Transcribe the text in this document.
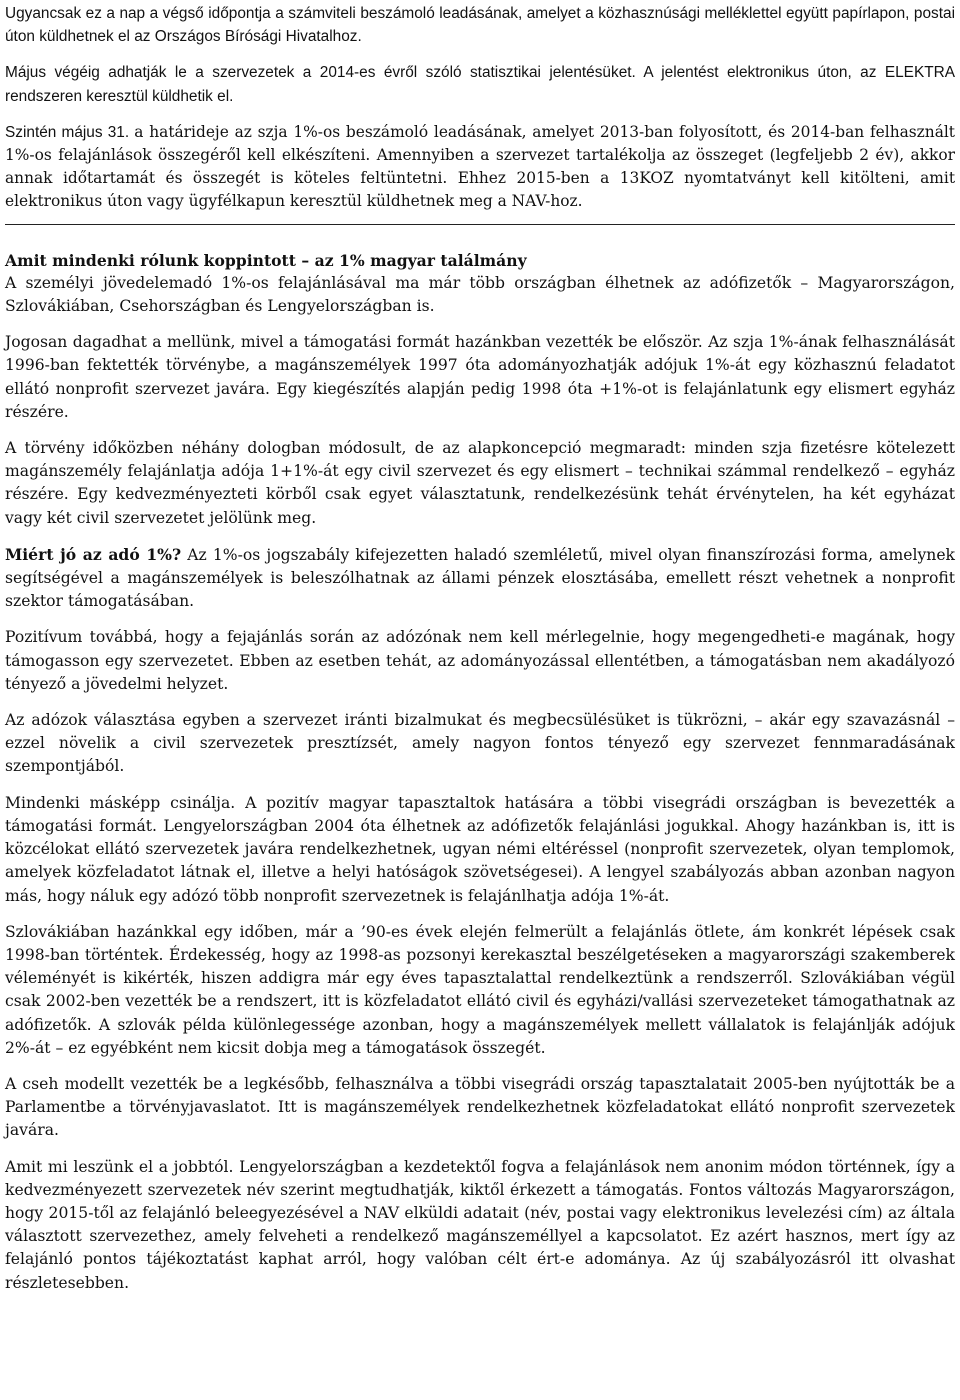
Ugyancsak ez a nap a végső időpontja a számviteli beszámoló leadásának, amelyet a közhasznúsági melléklettel együtt papírlapon, postai úton küldhetnek el az Országos Bírósági Hivatalhoz.

Május végéig adhatják le a szervezetek a 2014-es évről szóló statisztikai jelentésüket. A jelentést elektronikus úton, az ELEKTRA rendszeren keresztül küldhetik el.

Szintén május 31. a határideje az szja 1%-os beszámoló leadásának, amelyet 2013-ban folyosított, és 2014-ban felhasznált 1%-os felajánlások összegéről kell elkészíteni. Amennyiben a szervezet tartalékolja az összeget (legfeljebb 2 év), akkor annak időtartamát és összegét is köteles feltüntetni. Ehhez 2015-ben a 13KOZ nyomtatványt kell kitölteni, amit elektronikus úton vagy ügyfélkapun keresztül küldhetnek meg a NAV-hoz.

Amit mindenki rólunk koppintott – az 1% magyar találmány

A személyi jövedelemadó 1%-os felajánlásával ma már több országban élhetnek az adófizetők – Magyarországon, Szlovákiában, Csehországban és Lengyelországban is.

Jogosan dagadhat a mellünk, mivel a támogatási formát hazánkban vezették be először. Az szja 1%-ának felhasználását 1996-ban fektették törvénybe, a magánszemélyek 1997 óta adományozhatják adójuk 1%-át egy közhasznú feladatot ellátó nonprofit szervezet javára. Egy kiegészítés alapján pedig 1998 óta +1%-ot is felajánlatunk egy elismert egyház részére.

A törvény időközben néhány dologban módosult, de az alapkoncepció megmaradt: minden szja fizetésre kötelezett magánszemély felajánlatja adója 1+1%-át egy civil szervezet és egy elismert – technikai számmal rendelkező – egyház részére. Egy kedvezményezteti körből csak egyet választatunk, rendelkezésünk tehát érvénytelen, ha két egyházat vagy két civil szervezetet jelölünk meg.

Miért jó az adó 1%? Az 1%-os jogszabály kifejezetten haladó szemléletű, mivel olyan finanszírozási forma, amelynek segítségével a magánszemélyek is beleszólhatnak az állami pénzek elosztásába, emellett részt vehetnek a nonprofit szektor támogatásában.

Pozitívum továbbá, hogy a fejajánlás során az adózónak nem kell mérlegelnie, hogy megengedheti-e magának, hogy támogasson egy szervezetet. Ebben az esetben tehát, az adományozással ellentétben, a támogatásban nem akadályozó tényező a jövedelmi helyzet.

Az adózok választása egyben a szervezet iránti bizalmukat és megbecsülésüket is tükrözni, – akár egy szavazásnál – ezzel növelik a civil szervezetek presztízsét, amely nagyon fontos tényező egy szervezet fennmaradásának szempontjából.

Mindenki másképp csinálja. A pozitív magyar tapasztaltok hatására a többi visegrádi országban is bevezették a támogatási formát. Lengyelországban 2004 óta élhetnek az adófizetők felajánlási jogukkal. Ahogy hazánkban is, itt is közcélokat ellátó szervezetek javára rendelkezhetnek, ugyan némi eltéréssel (nonprofit szervezetek, olyan templomok, amelyek közfeladatot látnak el, illetve a helyi hatóságok szövetségesei). A lengyel szabályozás abban azonban nagyon más, hogy náluk egy adózó több nonprofit szervezetnek is felajánlhatja adója 1%-át.

Szlovákiában hazánkkal egy időben, már a ’90-es évek elején felmerült a felajánlás ötlete, ám konkrét lépések csak 1998-ban történtek. Érdekesség, hogy az 1998-as pozsonyi kerekasztal beszélgetéseken a magyarországi szakemberek véleményét is kikérték, hiszen addigra már egy éves tapasztalattal rendelkeztünk a rendszerről. Szlovákiában végül csak 2002-ben vezették be a rendszert, itt is közfeladatot ellátó civil és egyházi/vallási szervezeteket támogathatnak az adófizetők. A szlovák példa különlegessége azonban, hogy a magánszemélyek mellett vállalatok is felajánlják adójuk 2%-át – ez egyébként nem kicsit dobja meg a támogatások összegét.

A cseh modellt vezették be a legkésőbb, felhasználva a többi visegrádi ország tapasztalatait 2005-ben nyújtották be a Parlamentbe a törvényjavaslatot. Itt is magánszemélyek rendelkezhetnek közfeladatokat ellátó nonprofit szervezetek javára.

Amit mi leszünk el a jobbtól. Lengyelországban a kezdetektől fogva a felajánlások nem anonim módon történnek, így a kedvezményezett szervezetek név szerint megtudhatják, kiktől érkezett a támogatás. Fontos változás Magyarországon, hogy 2015-től az felajánló beleegyezésével a NAV elküldi adatait (név, postai vagy elektronikus levelezési cím) az általa választott szervezethez, amely felveheti a rendelkező magánszeméllyel a kapcsolatot. Ez azért hasznos, mert így az felajánló pontos tájékoztatást kaphat arról, hogy valóban célt ért-e adománya. Az új szabályozásról itt olvashat részletesebben.
